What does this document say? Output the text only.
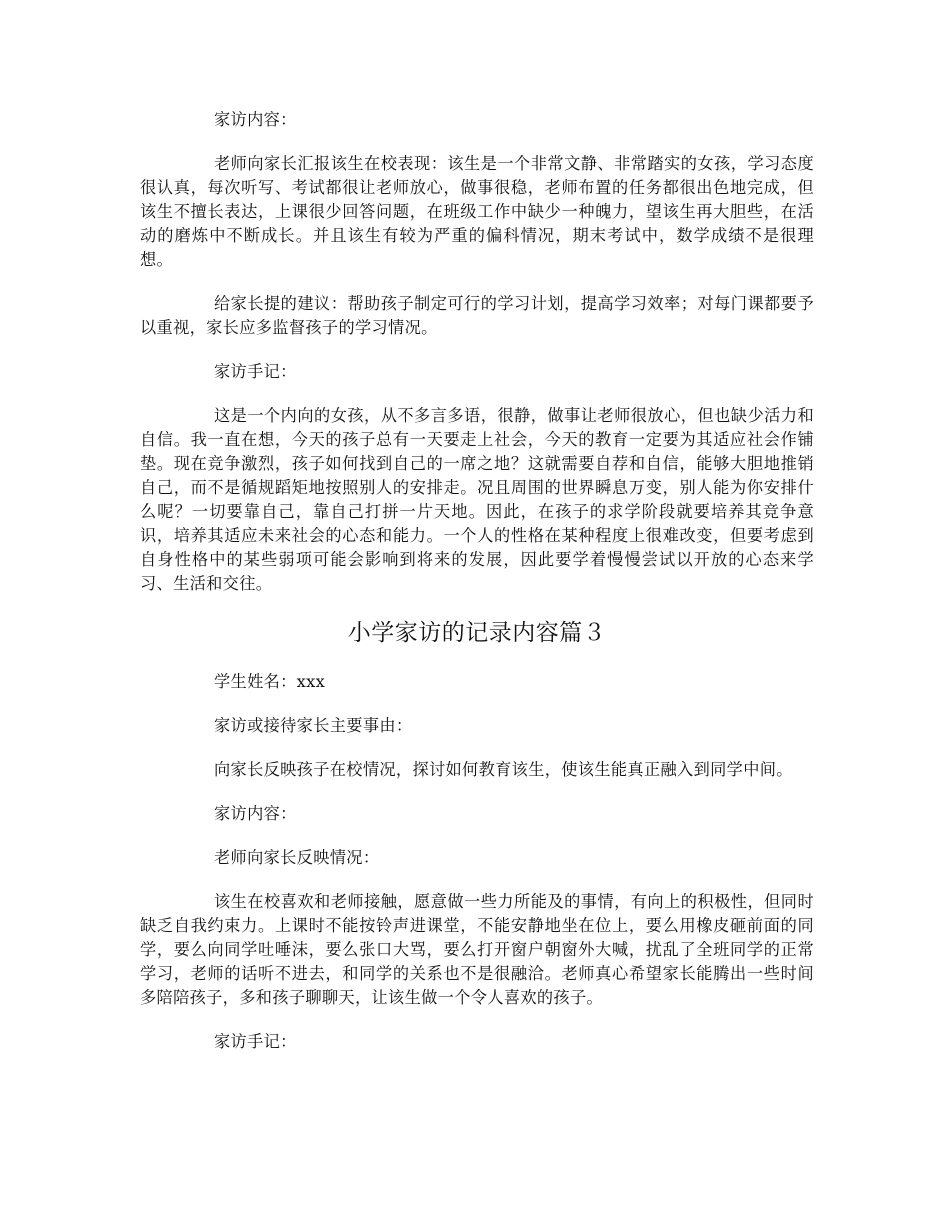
家访内容：

老师向家长汇报该生在校表现：该生是一个非常文静、非常踏实的女孩，学习态度很认真，每次听写、考试都很让老师放心，做事很稳，老师布置的任务都很出色地完成，但该生不擅长表达，上课很少回答问题，在班级工作中缺少一种魄力，望该生再大胆些，在活动的磨炼中不断成长。并且该生有较为严重的偏科情况，期末考试中，数学成绩不是很理想。

给家长提的建议：帮助孩子制定可行的学习计划，提高学习效率；对每门课都要予以重视，家长应多监督孩子的学习情况。

家访手记：

这是一个内向的女孩，从不多言多语，很静，做事让老师很放心，但也缺少活力和自信。我一直在想，今天的孩子总有一天要走上社会，今天的教育一定要为其适应社会作铺垫。现在竞争激烈，孩子如何找到自己的一席之地？这就需要自荐和自信，能够大胆地推销自己，而不是循规蹈矩地按照别人的安排走。况且周围的世界瞬息万变，别人能为你安排什么呢？一切要靠自己，靠自己打拼一片天地。因此，在孩子的求学阶段就要培养其竞争意识，培养其适应未来社会的心态和能力。一个人的性格在某种程度上很难改变，但要考虑到自身性格中的某些弱项可能会影响到将来的发展，因此要学着慢慢尝试以开放的心态来学习、生活和交往。

小学家访的记录内容篇３

学生姓名：xxx

家访或接待家长主要事由：

向家长反映孩子在校情况，探讨如何教育该生，使该生能真正融入到同学中间。

家访内容：

老师向家长反映情况：

该生在校喜欢和老师接触，愿意做一些力所能及的事情，有向上的积极性，但同时缺乏自我约束力。上课时不能按铃声进课堂，不能安静地坐在位上，要么用橡皮砸前面的同学，要么向同学吐唾沫，要么张口大骂，要么打开窗户朝窗外大喊，扰乱了全班同学的正常学习，老师的话听不进去，和同学的关系也不是很融洽。老师真心希望家长能腾出一些时间多陪陪孩子，多和孩子聊聊天，让该生做一个令人喜欢的孩子。

家访手记：
